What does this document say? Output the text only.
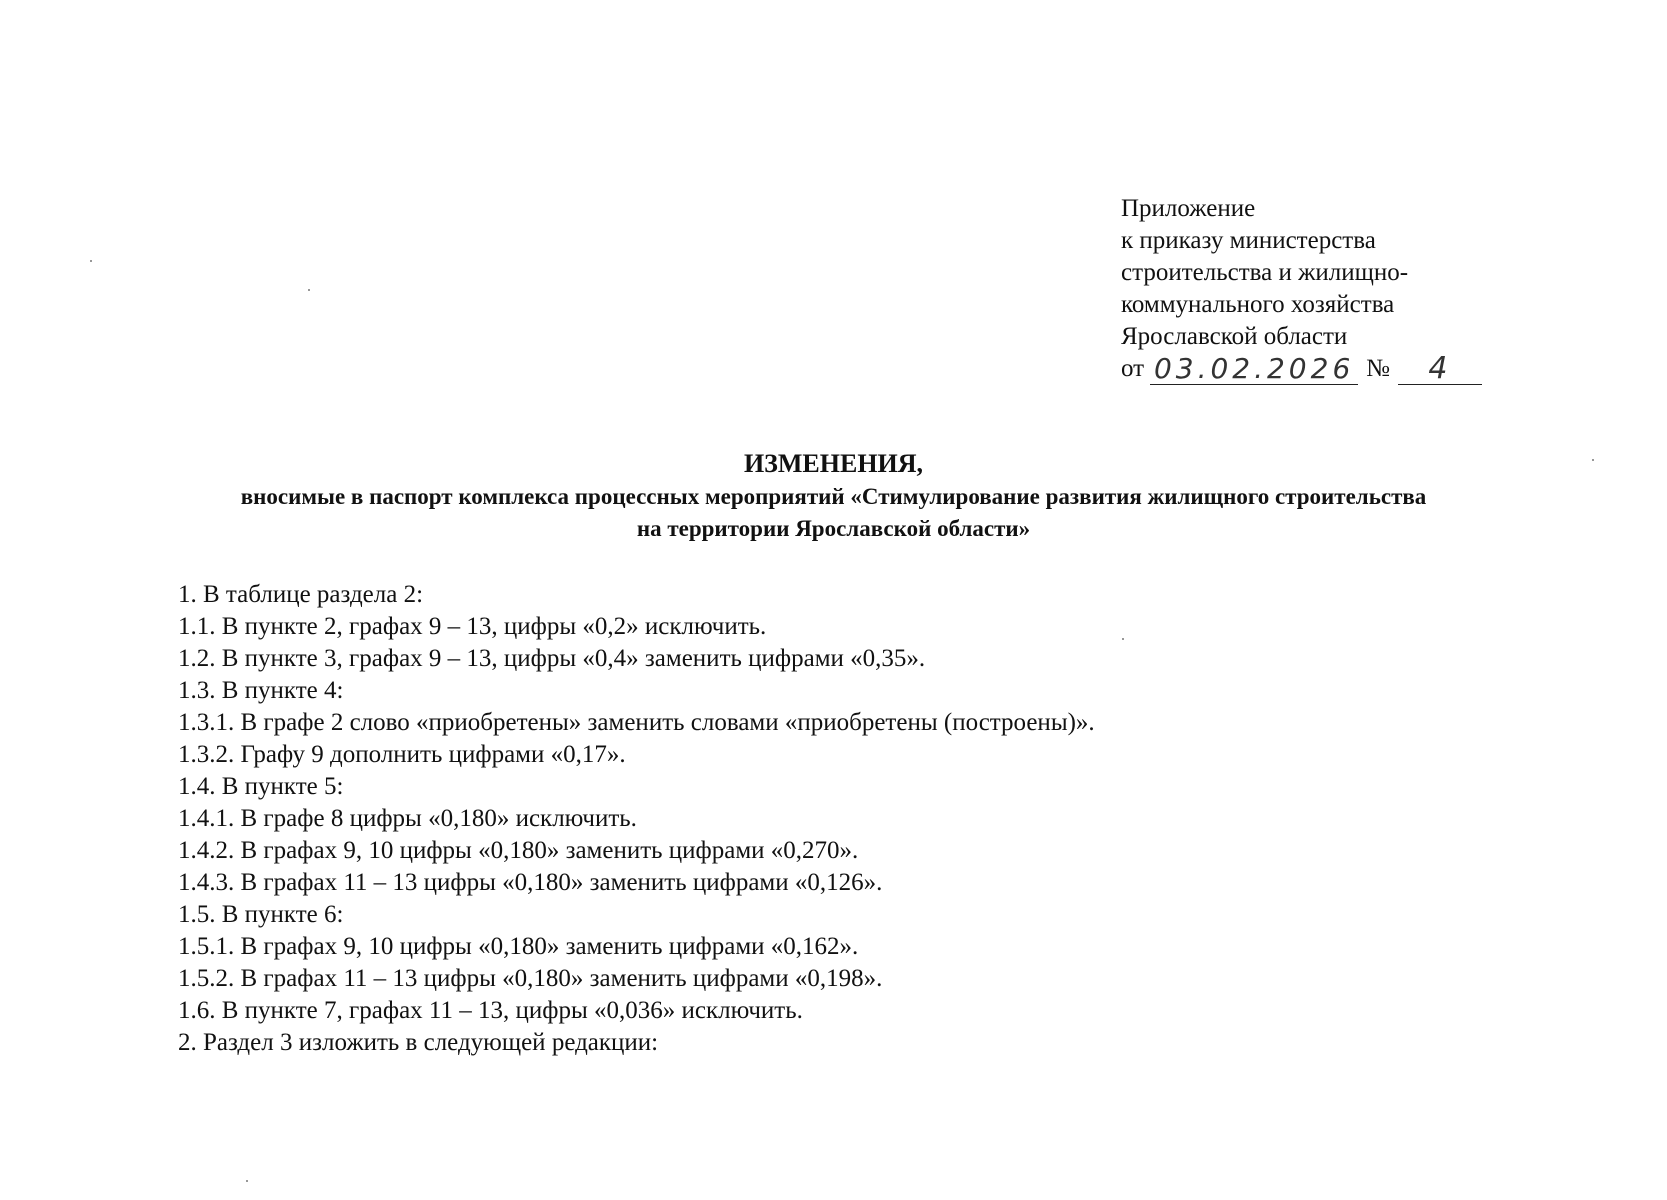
Приложение
к приказу министерства
строительства и жилищно-
коммунального хозяйства
Ярославской области
от 03.02.2026 №	4
ИЗМЕНЕНИЯ,
вносимые в паспорт комплекса процессных мероприятий «Стимулирование развития жилищного строительства
на территории Ярославской области»
1. В таблице раздела 2:
1.1. В пункте 2, графах 9 – 13, цифры «0,2» исключить.
1.2. В пункте 3, графах 9 – 13, цифры «0,4» заменить цифрами «0,35».
1.3. В пункте 4:
1.3.1. В графе 2 слово «приобретены» заменить словами «приобретены (построены)».
1.3.2. Графу 9 дополнить цифрами «0,17».
1.4. В пункте 5:
1.4.1. В графе 8 цифры «0,180» исключить.
1.4.2. В графах 9, 10 цифры «0,180» заменить цифрами «0,270».
1.4.3. В графах 11 – 13 цифры «0,180» заменить цифрами «0,126».
1.5. В пункте 6:
1.5.1. В графах 9, 10 цифры «0,180» заменить цифрами «0,162».
1.5.2. В графах 11 – 13 цифры «0,180» заменить цифрами «0,198».
1.6. В пункте 7, графах 11 – 13, цифры «0,036» исключить.
2. Раздел 3 изложить в следующей редакции:
